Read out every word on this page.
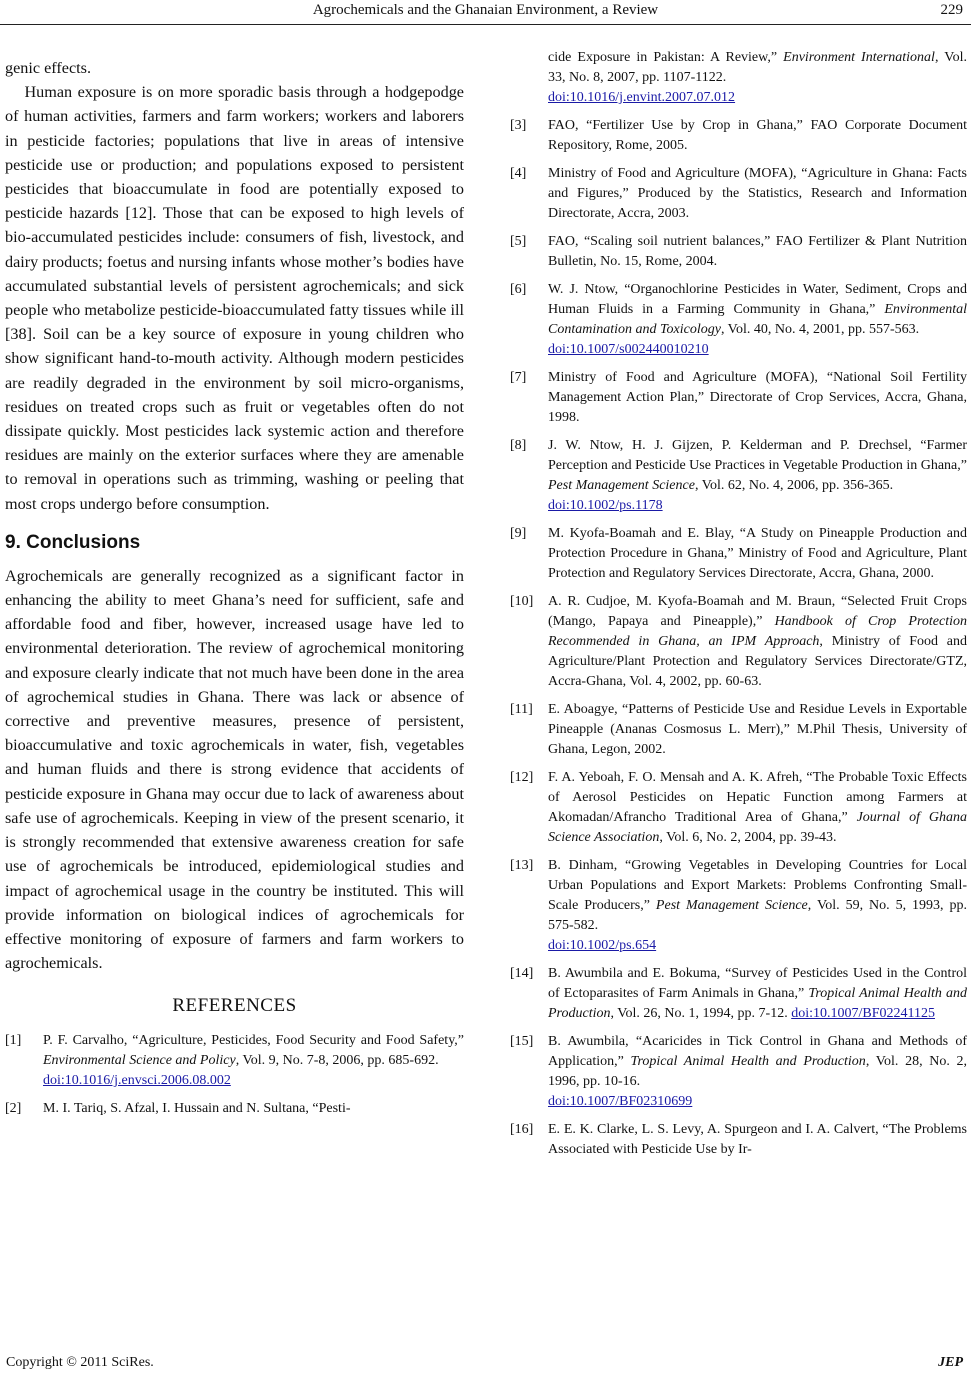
Agrochemicals and the Ghanaian Environment, a Review	229

genic effects.

Human exposure is on more sporadic basis through a hodgepodge of human activities, farmers and farm workers; workers and laborers in pesticide factories; populations that live in areas of intensive pesticide use or production; and populations exposed to persistent pesticides that bioaccumulate in food are potentially exposed to pesticide hazards [12]. Those that can be exposed to high levels of bio-accumulated pesticides include: consumers of fish, livestock, and dairy products; foetus and nursing infants whose mother’s bodies have accumulated substantial levels of persistent agrochemicals; and sick people who metabolize pesticide-bioaccumulated fatty tissues while ill [38]. Soil can be a key source of exposure in young children who show significant hand-to-mouth activity. Although modern pesticides are readily degraded in the environment by soil micro-organisms, residues on treated crops such as fruit or vegetables often do not dissipate quickly. Most pesticides lack systemic action and therefore residues are mainly on the exterior surfaces where they are amenable to removal in operations such as trimming, washing or peeling that most crops undergo before consumption.

9. Conclusions

Agrochemicals are generally recognized as a significant factor in enhancing the ability to meet Ghana’s need for sufficient, safe and affordable food and fiber, however, increased usage have led to environmental deterioration. The review of agrochemical monitoring and exposure clearly indicate that not much have been done in the area of agrochemical studies in Ghana. There was lack or absence of corrective and preventive measures, presence of persistent, bioaccumulative and toxic agrochemicals in water, fish, vegetables and human fluids and there is strong evidence that accidents of pesticide exposure in Ghana may occur due to lack of awareness about safe use of agrochemicals. Keeping in view of the present scenario, it is strongly recommended that extensive awareness creation for safe use of agrochemicals be introduced, epidemiological studies and impact of agrochemical usage in the country be instituted. This will provide information on biological indices of agrochemicals for effective monitoring of exposure of farmers and farm workers to agrochemicals.

REFERENCES
[1]	P. F. Carvalho, “Agriculture, Pesticides, Food Security and Food Safety,” Environmental Science and Policy, Vol. 9, No. 7-8, 2006, pp. 685-692.
doi:10.1016/j.envsci.2006.08.002
[2]	M. I. Tariq, S. Afzal, I. Hussain and N. Sultana, “Pesti-
cide Exposure in Pakistan: A Review,” Environment International, Vol. 33, No. 8, 2007, pp. 1107-1122.
doi:10.1016/j.envint.2007.07.012
[3]	FAO, “Fertilizer Use by Crop in Ghana,” FAO Corporate Document Repository, Rome, 2005.
[4]	Ministry of Food and Agriculture (MOFA), “Agriculture in Ghana: Facts and Figures,” Produced by the Statistics, Research and Information Directorate, Accra, 2003.
[5]	FAO, “Scaling soil nutrient balances,” FAO Fertilizer & Plant Nutrition Bulletin, No. 15, Rome, 2004.
[6]	W. J. Ntow, “Organochlorine Pesticides in Water, Sediment, Crops and Human Fluids in a Farming Community in Ghana,” Environmental Contamination and Toxicology, Vol. 40, No. 4, 2001, pp. 557-563.
doi:10.1007/s002440010210
[7]	Ministry of Food and Agriculture (MOFA), “National Soil Fertility Management Action Plan,” Directorate of Crop Services, Accra, Ghana, 1998.
[8]	J. W. Ntow, H. J. Gijzen, P. Kelderman and P. Drechsel, “Farmer Perception and Pesticide Use Practices in Vegetable Production in Ghana,” Pest Management Science, Vol. 62, No. 4, 2006, pp. 356-365.
doi:10.1002/ps.1178
[9]	M. Kyofa-Boamah and E. Blay, “A Study on Pineapple Production and Protection Procedure in Ghana,” Ministry of Food and Agriculture, Plant Protection and Regulatory Services Directorate, Accra, Ghana, 2000.
[10]	A. R. Cudjoe, M. Kyofa-Boamah and M. Braun, “Selected Fruit Crops (Mango, Papaya and Pineapple),” Handbook of Crop Protection Recommended in Ghana, an IPM Approach, Ministry of Food and Agriculture/Plant Protection and Regulatory Services Directorate/GTZ, Accra-Ghana, Vol. 4, 2002, pp. 60-63.
[11]	E. Aboagye, “Patterns of Pesticide Use and Residue Levels in Exportable Pineapple (Ananas Cosmosus L. Merr),” M.Phil Thesis, University of Ghana, Legon, 2002.
[12]	F. A. Yeboah, F. O. Mensah and A. K. Afreh, “The Probable Toxic Effects of Aerosol Pesticides on Hepatic Function among Farmers at Akomadan/Afrancho Traditional Area of Ghana,” Journal of Ghana Science Association, Vol. 6, No. 2, 2004, pp. 39-43.
[13]	B. Dinham, “Growing Vegetables in Developing Countries for Local Urban Populations and Export Markets: Problems Confronting Small-Scale Producers,” Pest Management Science, Vol. 59, No. 5, 1993, pp. 575-582.
doi:10.1002/ps.654
[14]	B. Awumbila and E. Bokuma, “Survey of Pesticides Used in the Control of Ectoparasites of Farm Animals in Ghana,” Tropical Animal Health and Production, Vol. 26, No. 1, 1994, pp. 7-12. doi:10.1007/BF02241125
[15]	B. Awumbila, “Acaricides in Tick Control in Ghana and Methods of Application,” Tropical Animal Health and Production, Vol. 28, No. 2, 1996, pp. 10-16.
doi:10.1007/BF02310699
[16]	E. E. K. Clarke, L. S. Levy, A. Spurgeon and I. A. Calvert, “The Problems Associated with Pesticide Use by Ir-
Copyright © 2011 SciRes.	JEP
